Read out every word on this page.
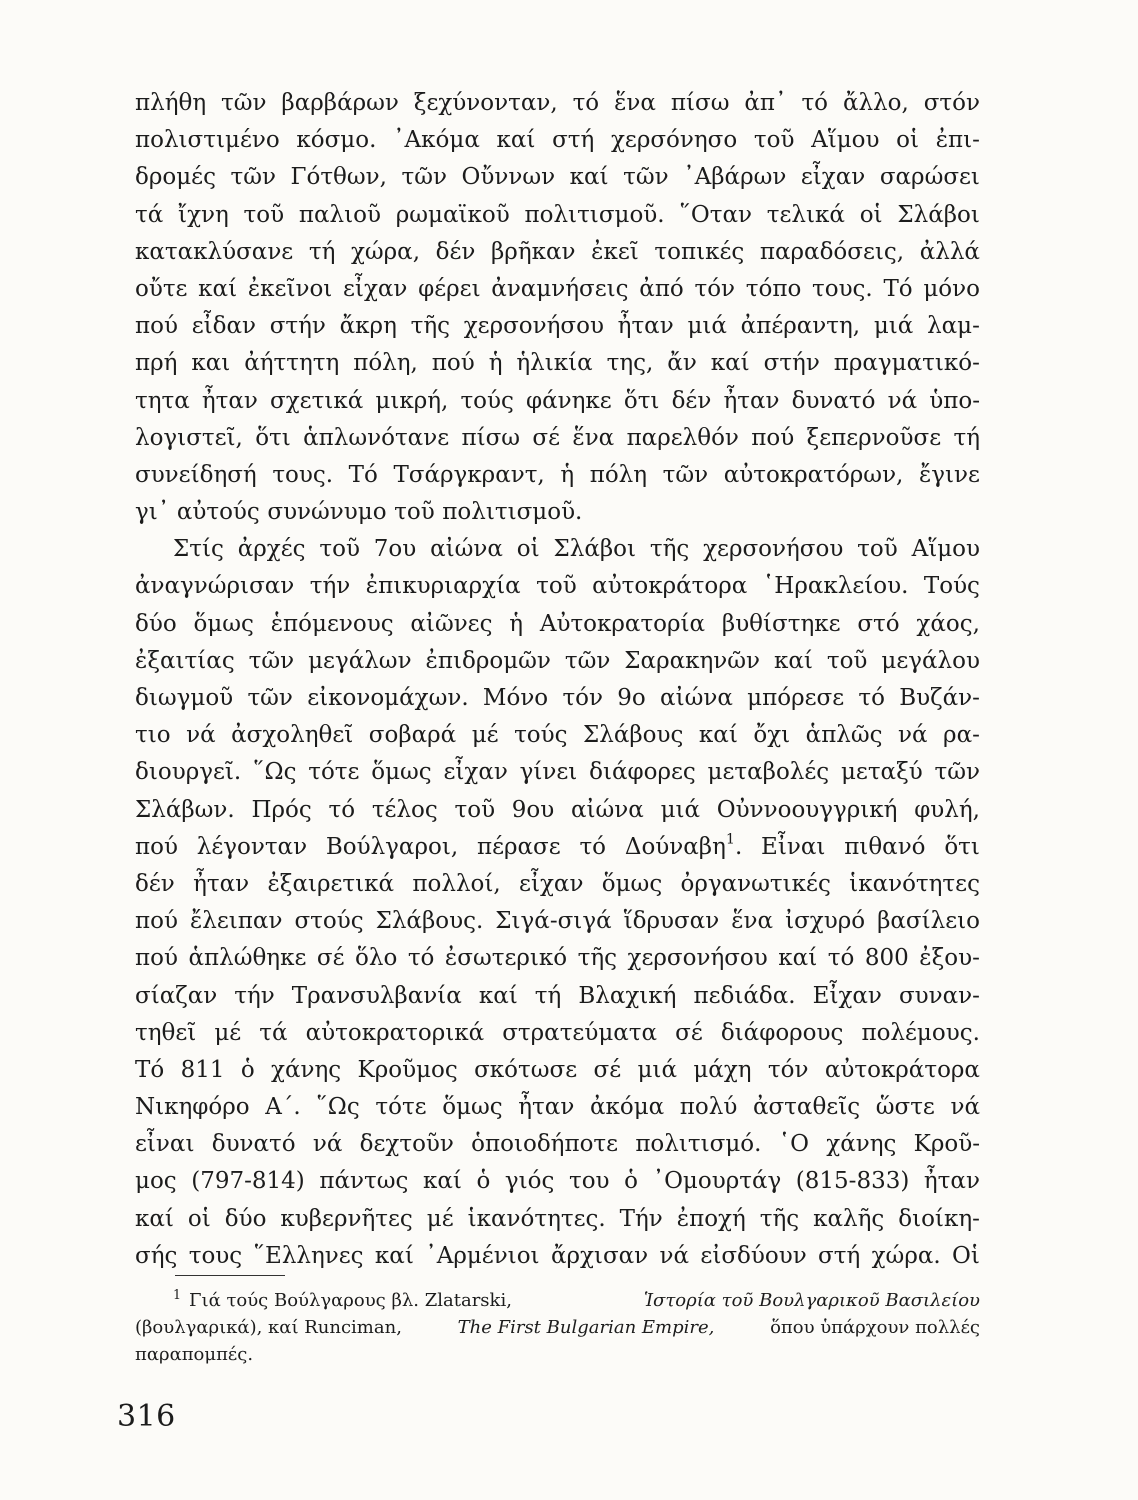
πλήθη τῶν βαρβάρων ξεχύνονταν, τό ἕνα πίσω ἀπ᾽ τό ἄλλο, στόν
πολιστιμένο κόσμο. ᾽Ακόμα καί στή χερσόνησο τοῦ Αἵμου οἱ ἐπι-
δρομές τῶν Γότθων, τῶν Οὔννων καί τῶν ᾽Αβάρων εἶχαν σαρώσει
τά ἴχνη τοῦ παλιοῦ ρωμαϊκοῦ πολιτισμοῦ. ῞Οταν τελικά οἱ Σλάβοι
κατακλύσανε τή χώρα, δέν βρῆκαν ἐκεῖ τοπικές παραδόσεις, ἀλλά
οὔτε καί ἐκεῖνοι εἶχαν φέρει ἀναμνήσεις ἀπό τόν τόπο τους. Τό μόνο
πού εἶδαν στήν ἄκρη τῆς χερσονήσου ἦταν μιά ἀπέραντη, μιά λαμ-
πρή και ἀήττητη πόλη, πού ἡ ἡλικία της, ἄν καί στήν πραγματικό-
τητα ἦταν σχετικά μικρή, τούς φάνηκε ὅτι δέν ἦταν δυνατό νά ὑπο-
λογιστεῖ, ὅτι ἁπλωνότανε πίσω σέ ἕνα παρελθόν πού ξεπερνοῦσε τή
συνείδησή τους. Τό Τσάργκραντ, ἡ πόλη τῶν αὐτοκρατόρων, ἔγινε
γι᾽ αὐτούς συνώνυμο τοῦ πολιτισμοῦ.
Στίς ἀρχές τοῦ 7ου αἰώνα οἱ Σλάβοι τῆς χερσονήσου τοῦ Αἵμου
ἀναγνώρισαν τήν ἐπικυριαρχία τοῦ αὐτοκράτορα ῾Ηρακλείου. Τούς
δύο ὅμως ἑπόμενους αἰῶνες ἡ Αὐτοκρατορία βυθίστηκε στό χάος,
ἐξαιτίας τῶν μεγάλων ἐπιδρομῶν τῶν Σαρακηνῶν καί τοῦ μεγάλου
διωγμοῦ τῶν εἰκονομάχων. Μόνο τόν 9ο αἰώνα μπόρεσε τό Βυζάν-
τιο νά ἀσχοληθεῖ σοβαρά μέ τούς Σλάβους καί ὄχι ἁπλῶς νά ρα-
διουργεῖ. ῞Ως τότε ὅμως εἶχαν γίνει διάφορες μεταβολές μεταξύ τῶν
Σλάβων. Πρός τό τέλος τοῦ 9ου αἰώνα μιά Οὐννοουγγρική φυλή,
πού λέγονταν Βούλγαροι, πέρασε τό Δούναβη$^1$. Εἶναι πιθανό ὅτι
δέν ἦταν ἐξαιρετικά πολλοί, εἶχαν ὅμως ὀργανωτικές ἱκανότητες
πού ἔλειπαν στούς Σλάβους. Σιγά-σιγά ἵδρυσαν ἕνα ἰσχυρό βασίλειο
πού ἁπλώθηκε σέ ὅλο τό ἐσωτερικό τῆς χερσονήσου καί τό 800 ἐξου-
σίαζαν τήν Τρανσυλβανία καί τή Βλαχική πεδιάδα. Εἶχαν συναν-
τηθεῖ μέ τά αὐτοκρατορικά στρατεύματα σέ διάφορους πολέμους.
Τό 811 ὁ χάνης Κροῦμος σκότωσε σέ μιά μάχη τόν αὐτοκράτορα
Νικηφόρο Α΄. ῞Ως τότε ὅμως ἦταν ἀκόμα πολύ ἀσταθεῖς ὥστε νά
εἶναι δυνατό νά δεχτοῦν ὁποιοδήποτε πολιτισμό. ῾Ο χάνης Κροῦ-
μος (797-814) πάντως καί ὁ γιός του ὁ ᾽Ομουρτάγ (815-833) ἦταν
καί οἱ δύο κυβερνῆτες μέ ἱκανότητες. Τήν ἐποχή τῆς καλῆς διοίκη-
σής τους ῞Ελληνες καί ᾽Αρμένιοι ἄρχισαν νά εἰσδύουν στή χώρα. Οἱ
$^1$ Γιά τούς Βούλγαρους βλ. Zlatarski,	Ἱστορία τοῦ Βουλγαρικοῦ Βασιλείου
(βουλγαρικά), καί Runciman,	The First Bulgarian Empire,	ὅπου ὑπάρχουν πολλές
παραπομπές.
316
